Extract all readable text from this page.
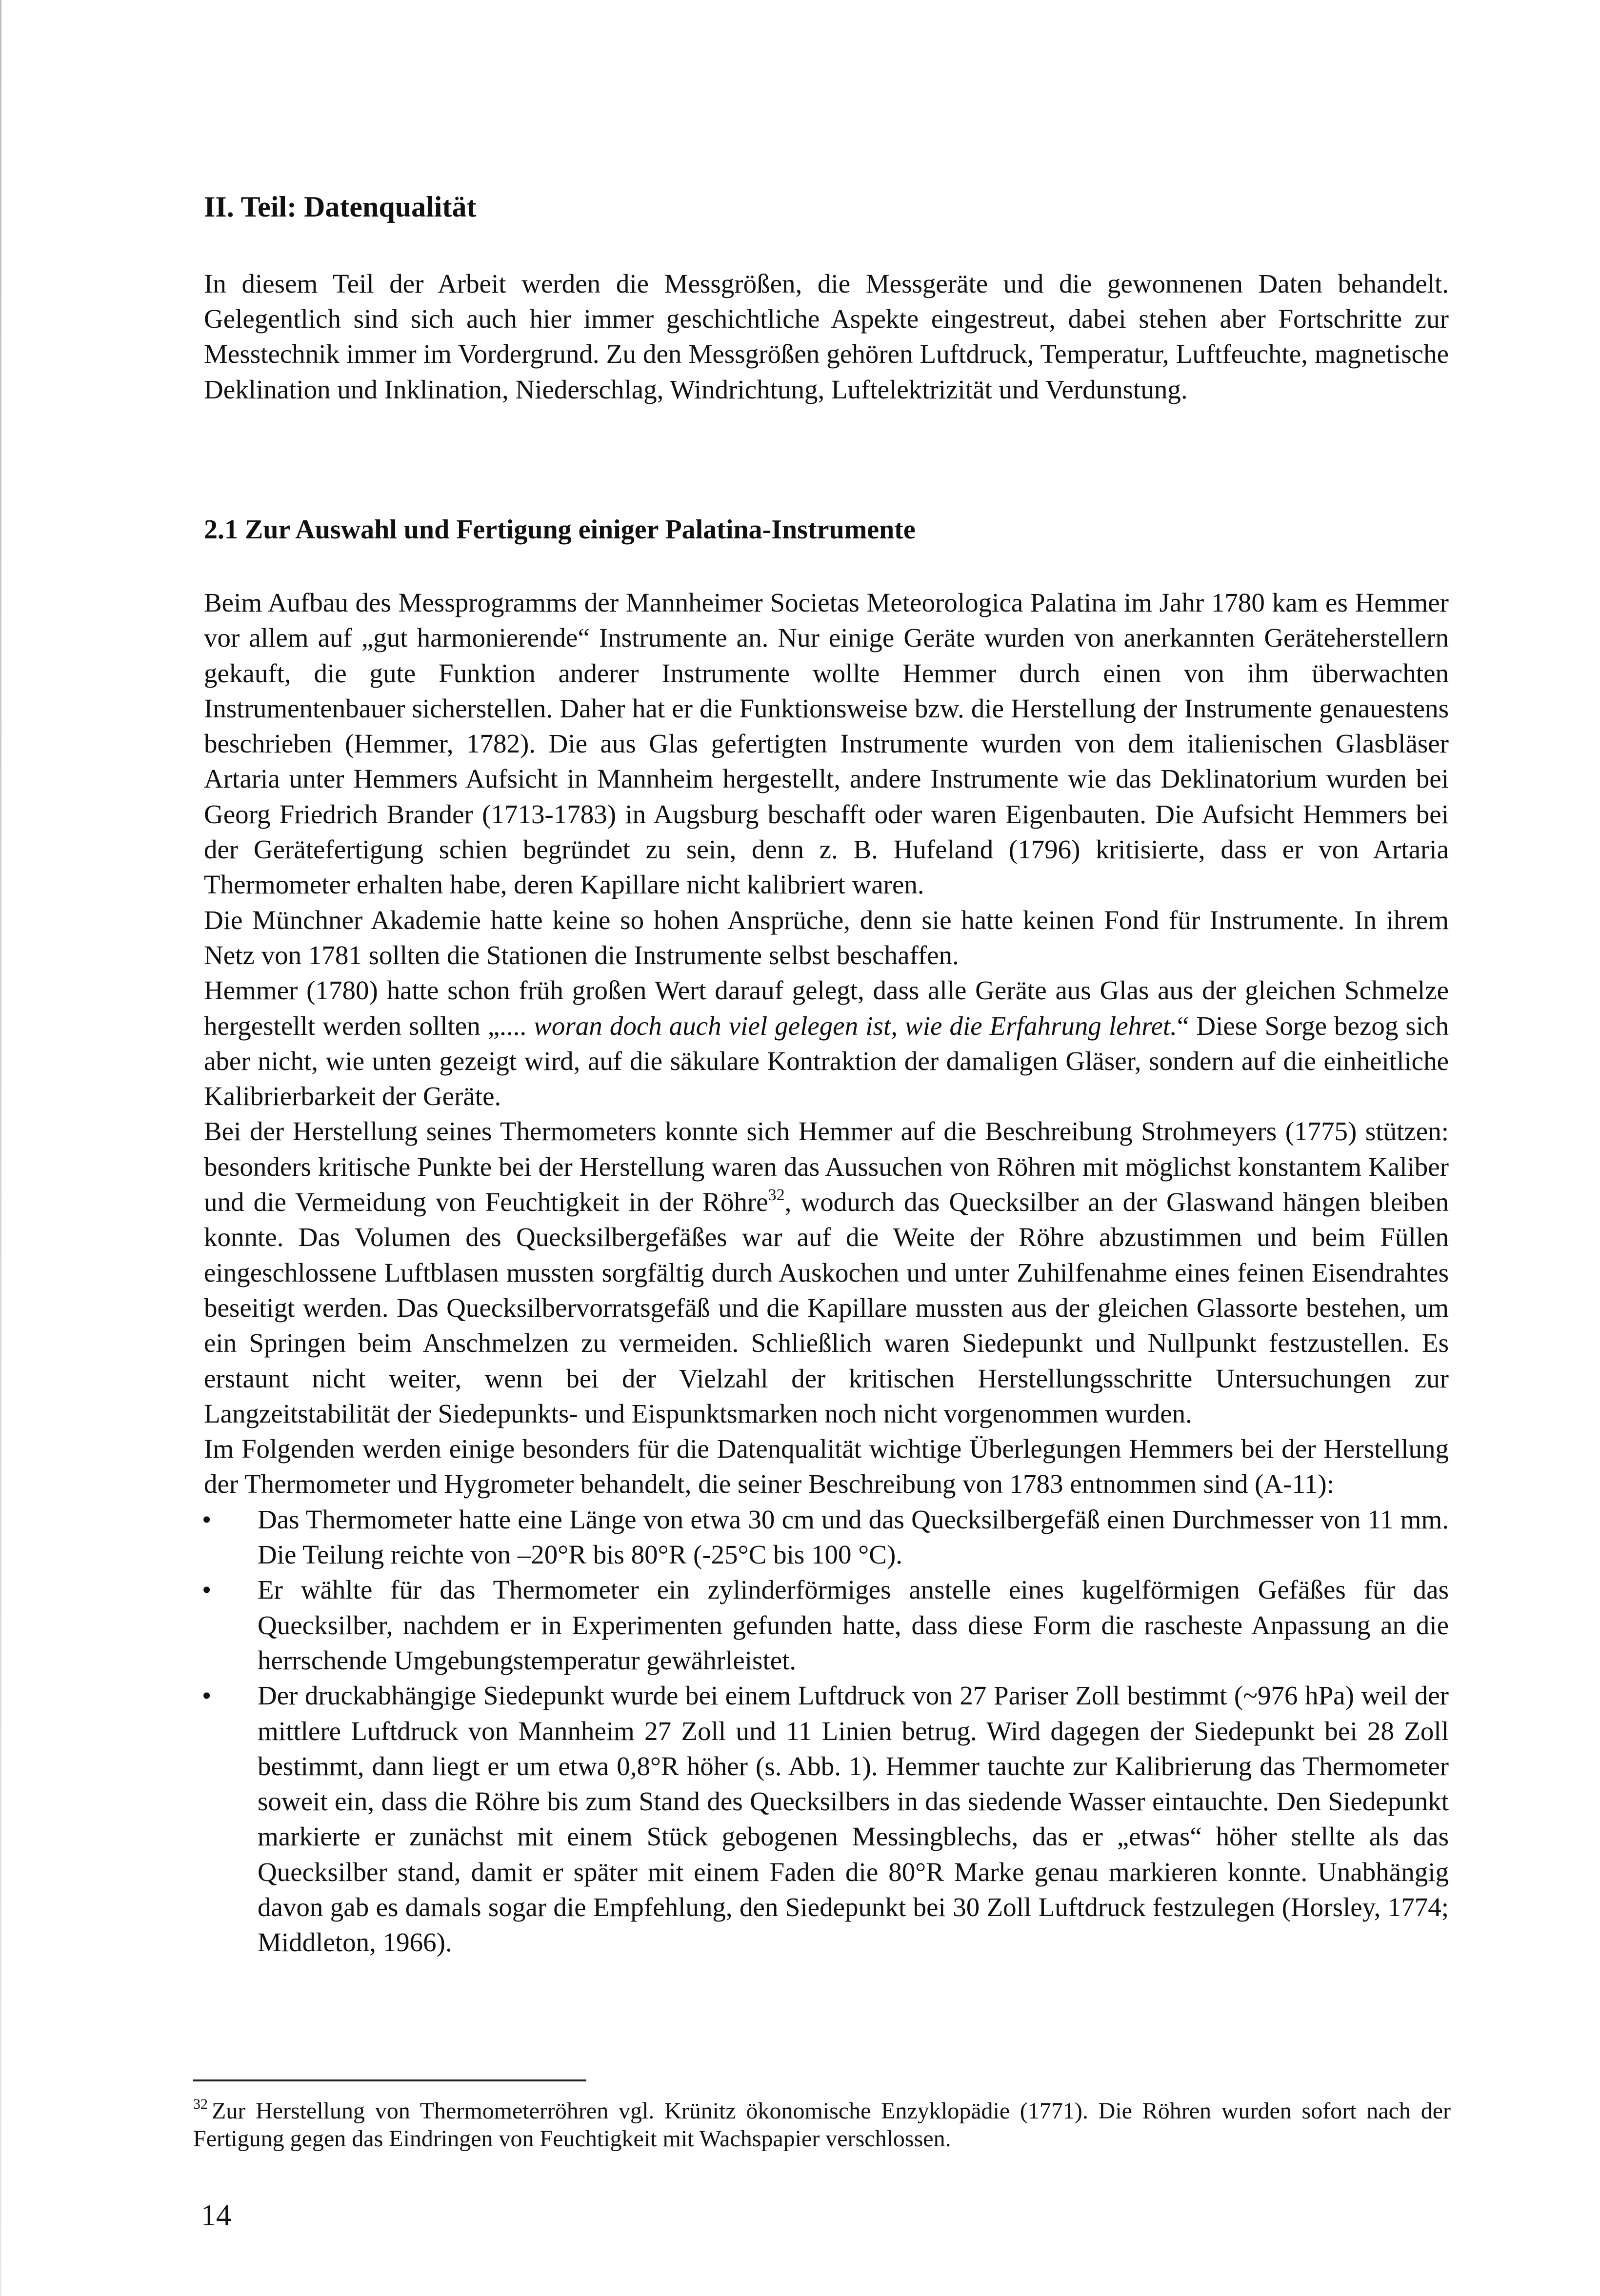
II. Teil: Datenqualität

In diesem Teil der Arbeit werden die Messgrößen, die Messgeräte und die gewonnenen Daten behandelt. Gelegentlich sind sich auch hier immer geschichtliche Aspekte eingestreut, dabei stehen aber Fortschritte zur Messtechnik immer im Vordergrund. Zu den Messgrößen gehören Luftdruck, Temperatur, Luftfeuchte, magnetische Deklination und Inklination, Niederschlag, Windrichtung, Luftelektrizität und Verdunstung.

2.1 Zur Auswahl und Fertigung einiger Palatina-Instrumente

Beim Aufbau des Messprogramms der Mannheimer Societas Meteorologica Palatina im Jahr 1780 kam es Hemmer vor allem auf „gut harmonierende“ Instrumente an. Nur einige Geräte wurden von anerkannten Geräteherstellern gekauft, die gute Funktion anderer Instrumente wollte Hemmer durch einen von ihm überwachten Instrumentenbauer sicherstellen. Daher hat er die Funktionsweise bzw. die Herstellung der Instrumente genauestens beschrieben (Hemmer, 1782). Die aus Glas gefertigten Instrumente wurden von dem italienischen Glasbläser Artaria unter Hemmers Aufsicht in Mannheim hergestellt, andere Instrumente wie das Deklinatorium wurden bei Georg Friedrich Brander (1713-1783) in Augsburg beschafft oder waren Eigenbauten. Die Aufsicht Hemmers bei der Gerätefertigung schien begründet zu sein, denn z. B. Hufeland (1796) kritisierte, dass er von Artaria Thermometer erhalten habe, deren Kapillare nicht kalibriert waren.

Die Münchner Akademie hatte keine so hohen Ansprüche, denn sie hatte keinen Fond für Instrumente. In ihrem Netz von 1781 sollten die Stationen die Instrumente selbst beschaffen.

Hemmer (1780) hatte schon früh großen Wert darauf gelegt, dass alle Geräte aus Glas aus der gleichen Schmelze hergestellt werden sollten „.... woran doch auch viel gelegen ist, wie die Erfahrung lehret.“ Diese Sorge bezog sich aber nicht, wie unten gezeigt wird, auf die säkulare Kontraktion der damaligen Gläser, sondern auf die einheitliche Kalibrierbarkeit der Geräte.

Bei der Herstellung seines Thermometers konnte sich Hemmer auf die Beschreibung Strohmeyers (1775) stützen: besonders kritische Punkte bei der Herstellung waren das Aussuchen von Röhren mit möglichst konstantem Kaliber und die Vermeidung von Feuchtigkeit in der Röhre$^{32}$, wodurch das Quecksilber an der Glaswand hängen bleiben konnte. Das Volumen des Quecksilbergefäßes war auf die Weite der Röhre abzustimmen und beim Füllen eingeschlossene Luftblasen mussten sorgfältig durch Auskochen und unter Zuhilfenahme eines feinen Eisendrahtes beseitigt werden. Das Quecksilbervorratsgefäß und die Kapillare mussten aus der gleichen Glassorte bestehen, um ein Springen beim Anschmelzen zu vermeiden. Schließlich waren Siedepunkt und Nullpunkt festzustellen. Es erstaunt nicht weiter, wenn bei der Vielzahl der kritischen Herstellungsschritte Untersuchungen zur Langzeitstabilität der Siedepunkts- und Eispunktsmarken noch nicht vorgenommen wurden.

Im Folgenden werden einige besonders für die Datenqualität wichtige Überlegungen Hemmers bei der Herstellung der Thermometer und Hygrometer behandelt, die seiner Beschreibung von 1783 entnommen sind (A-11):

•	Das Thermometer hatte eine Länge von etwa 30 cm und das Quecksilbergefäß einen Durchmesser von 11 mm. Die Teilung reichte von –20°R bis 80°R (-25°C bis 100 °C).
•	Er wählte für das Thermometer ein zylinderförmiges anstelle eines kugelförmigen Gefäßes für das Quecksilber, nachdem er in Experimenten gefunden hatte, dass diese Form die rascheste Anpassung an die herrschende Umgebungstemperatur gewährleistet.
•	Der druckabhängige Siedepunkt wurde bei einem Luftdruck von 27 Pariser Zoll bestimmt (~976 hPa) weil der mittlere Luftdruck von Mannheim 27 Zoll und 11 Linien betrug. Wird dagegen der Siedepunkt bei 28 Zoll bestimmt, dann liegt er um etwa 0,8°R höher (s. Abb. 1). Hemmer tauchte zur Kalibrierung das Thermometer soweit ein, dass die Röhre bis zum Stand des Quecksilbers in das siedende Wasser eintauchte. Den Siedepunkt markierte er zunächst mit einem Stück gebogenen Messingblechs, das er „etwas“ höher stellte als das Quecksilber stand, damit er später mit einem Faden die 80°R Marke genau markieren konnte. Unabhängig davon gab es damals sogar die Empfehlung, den Siedepunkt bei 30 Zoll Luftdruck festzulegen (Horsley, 1774; Middleton, 1966).
$^{32}$ Zur Herstellung von Thermometerröhren vgl. Krünitz ökonomische Enzyklopädie (1771). Die Röhren wurden sofort nach der Fertigung gegen das Eindringen von Feuchtigkeit mit Wachspapier verschlossen.
14
